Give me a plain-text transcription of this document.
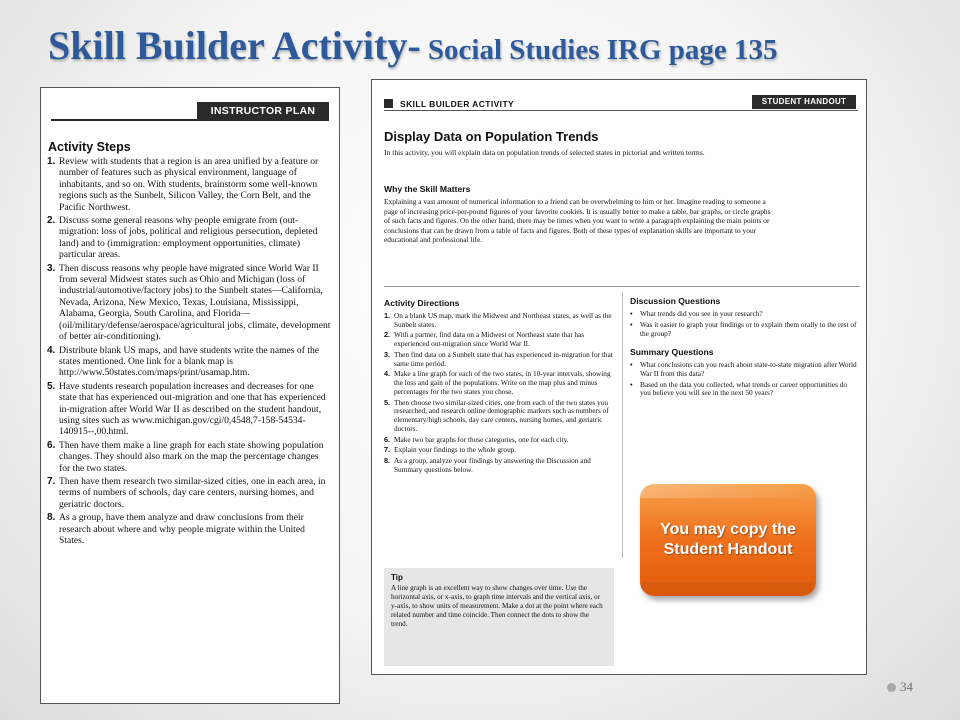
Skill Builder Activity- Social Studies IRG page 135
INSTRUCTOR PLAN
Activity Steps
1. Review with students that a region is an area unified by a feature or number of features such as physical environment, language of inhabitants, and so on. With students, brainstorm some well-known regions such as the Sunbelt, Silicon Valley, the Corn Belt, and the Pacific Northwest.
2. Discuss some general reasons why people emigrate from (out-migration: loss of jobs, political and religious persecution, depleted land) and to (immigration: employment opportunities, climate) particular areas.
3. Then discuss reasons why people have migrated since World War II from several Midwest states such as Ohio and Michigan (loss of industrial/automotive/factory jobs) to the Sunbelt states—California, Nevada, Arizona, New Mexico, Texas, Louisiana, Mississippi, Alabama, Georgia, South Carolina, and Florida—(oil/military/defense/aerospace/agricultural jobs, climate, development of better air-conditioning).
4. Distribute blank US maps, and have students write the names of the states mentioned. One link for a blank map is http://www.50states.com/maps/print/usamap.htm.
5. Have students research population increases and decreases for one state that has experienced out-migration and one that has experienced in-migration after World War II as described on the student handout, using sites such as www.michigan.gov/cgi/0,4548,7-158-54534-140915--,00.html.
6. Then have them make a line graph for each state showing population changes. They should also mark on the map the percentage changes for the two states.
7. Then have them research two similar-sized cities, one in each area, in terms of numbers of schools, day care centers, nursing homes, and geriatric doctors.
8. As a group, have them analyze and draw conclusions from their research about where and why people migrate within the United States.
SKILL BUILDER ACTIVITY	STUDENT HANDOUT
Display Data on Population Trends
In this activity, you will explain data on population trends of selected states in pictorial and written terms.
Why the Skill Matters
Explaining a vast amount of numerical information to a friend can be overwhelming to him or her. Imagine reading to someone a page of increasing price-per-pound figures of your favorite cookies. It is usually better to make a table, bar graphs, or circle graphs of such facts and figures. On the other hand, there may be times when you want to write a paragraph explaining the main points or conclusions that can be drawn from a table of facts and figures. Both of these types of explanation skills are important to your educational and professional life.
Activity Directions
1. On a blank US map, mark the Midwest and Northeast states, as well as the Sunbelt states.
2. With a partner, find data on a Midwest or Northeast state that has experienced out-migration since World War II.
3. Then find data on a Sunbelt state that has experienced in-migration for that same time period.
4. Make a line graph for each of the two states, in 10-year intervals, showing the loss and gain of the populations. Write on the map plus and minus percentages for the two states you chose.
5. Then choose two similar-sized cities, one from each of the two states you researched, and research online demographic markers such as numbers of elementary/high schools, day care centers, nursing homes, and geriatric doctors.
6. Make two bar graphs for those categories, one for each city.
7. Explain your findings to the whole group.
8. As a group, analyze your findings by answering the Discussion and Summary questions below.
Discussion Questions
•	What trends did you see in your research?
•	Was it easier to graph your findings or to explain them orally to the rest of the group?
Summary Questions
•	What conclusions can you reach about state-to-state migration after World War II from this data?
•	Based on the data you collected, what trends or career opportunities do you believe you will see in the next 50 years?
Tip

A line graph is an excellent way to show changes over time. Use the horizontal axis, or x-axis, to graph time intervals and the vertical axis, or y-axis, to show units of measurement. Make a dot at the point where each related number and time coincide. Then connect the dots to show the trend.

You may copy the Student Handout
34
